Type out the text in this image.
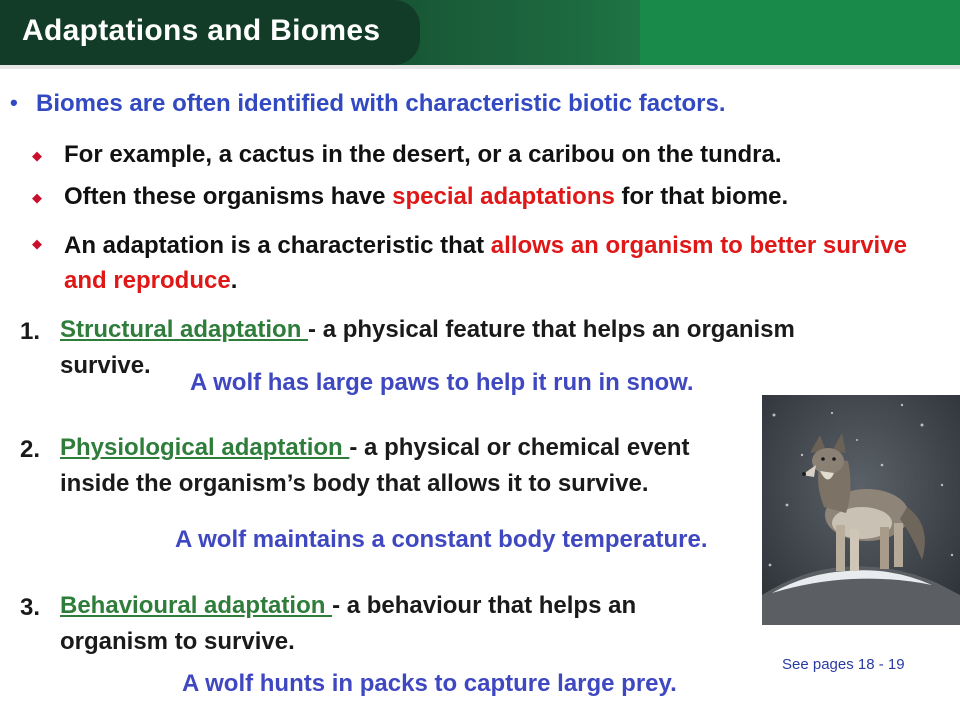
Adaptations and Biomes
• Biomes are often identified with characteristic biotic factors.
◆ For example, a cactus in the desert, or a caribou on the tundra.
◆ Often these organisms have special adaptations for that biome.
◆ An adaptation is a characteristic that allows an organism to better survive and reproduce.
1. Structural adaptation - a physical feature that helps an organism survive.
A wolf has large paws to help it run in snow.
2. Physiological adaptation - a physical or chemical event inside the organism’s body that allows it to survive.
A wolf maintains a constant body temperature.
3. Behavioural adaptation - a behaviour that helps an organism to survive.
A wolf hunts in packs to capture large prey.
See pages 18 - 19
